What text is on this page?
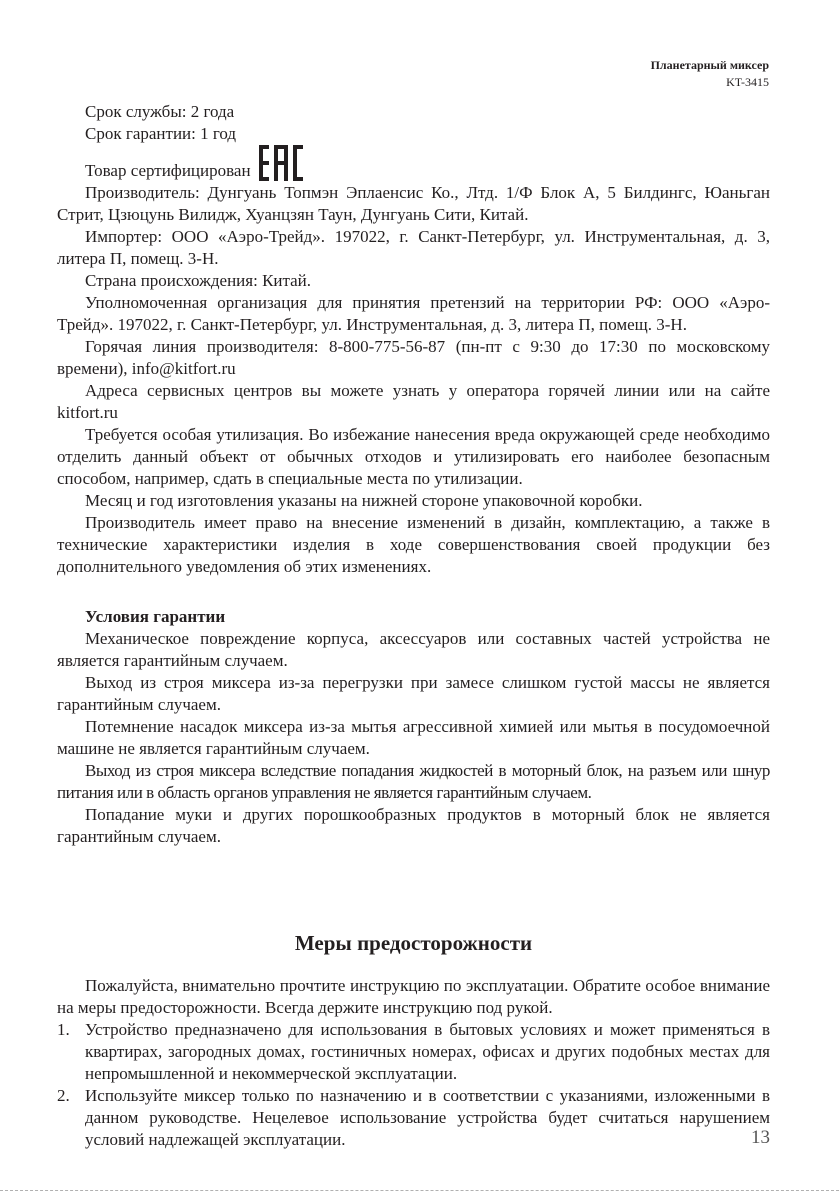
Планетарный миксер
KT-3415

Срок службы: 2 года

Срок гарантии: 1 год

Товар сертифицирован

Производитель: Дунгуань Топмэн Эплаенсис Ко., Лтд. 1/Ф Блок А, 5 Билдингс, Юаньган Стрит, Цзюцунь Вилидж, Хуанцзян Таун, Дунгуань Сити, Китай.

Импортер: ООО «Аэро-Трейд». 197022, г. Санкт-Петербург, ул. Инструментальная, д. 3, литера П, помещ. 3-Н.

Страна происхождения: Китай.

Уполномоченная организация для принятия претензий на территории РФ: ООО «Аэро-Трейд». 197022, г. Санкт-Петербург, ул. Инструментальная, д. 3, литера П, помещ. 3-Н.

Горячая линия производителя: 8-800-775-56-87 (пн-пт с 9:30 до 17:30 по московскому времени), info@kitfort.ru

Адреса сервисных центров вы можете узнать у оператора горячей линии или на сайте kitfort.ru

Требуется особая утилизация. Во избежание нанесения вреда окружающей среде необходимо отделить данный объект от обычных отходов и утилизировать его наиболее безопасным способом, например, сдать в специальные места по утилизации.

Месяц и год изготовления указаны на нижней стороне упаковочной коробки.

Производитель имеет право на внесение изменений в дизайн, комплектацию, а также в технические характеристики изделия в ходе совершенствования своей продукции без дополнительного уведомления об этих изменениях.

Условия гарантии

Механическое повреждение корпуса, аксессуаров или составных частей устройства не является гарантийным случаем.

Выход из строя миксера из-за перегрузки при замесе слишком густой массы не является гарантийным случаем.

Потемнение насадок миксера из-за мытья агрессивной химией или мытья в посудомоечной машине не является гарантийным случаем.

Выход из строя миксера вследствие попадания жидкостей в моторный блок, на разъем или шнур питания или в область органов управления не является гарантийным случаем.

Попадание муки и других порошкообразных продуктов в моторный блок не является гарантийным случаем.

Меры предосторожности

Пожалуйста, внимательно прочтите инструкцию по эксплуатации. Обратите особое внимание на меры предосторожности. Всегда держите инструкцию под рукой.

1. Устройство предназначено для использования в бытовых условиях и может применяться в квартирах, загородных домах, гостиничных номерах, офисах и других подобных местах для непромышленной и некоммерческой эксплуатации.
2. Используйте миксер только по назначению и в соответствии с указаниями, изложенными в данном руководстве. Нецелевое использование устройства будет считаться нарушением условий надлежащей эксплуатации.	13
